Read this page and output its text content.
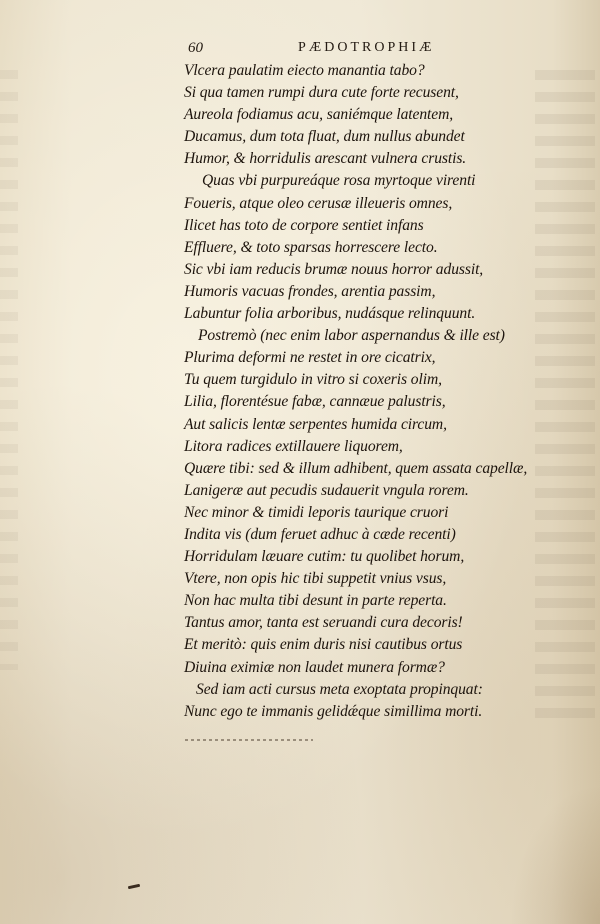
60	PÆDOTROPHIÆ
Vlcera paulatim eiecto manantia tabo?
Si qua tamen rumpi dura cute forte recusent,
Aureola fodiamus acu, saniémque latentem,
Ducamus, dum tota fluat, dum nullus abundet
Humor, & horridulis arescant vulnera crustis.
Quas vbi purpureáque rosa myrtoque virenti
Foueris, atque oleo cerusæ illeueris omnes,
Ilicet has toto de corpore sentiet infans
Effluere, & toto sparsas horrescere lecto.
Sic vbi iam reducis brumæ nouus horror adussit,
Humoris vacuas frondes, arentia passim,
Labuntur folia arboribus, nudásque relinquunt.
Postremò (nec enim labor aspernandus & ille est)
Plurima deformi ne restet in ore cicatrix,
Tu quem turgidulo in vitro si coxeris olim,
Lilia, florentésue fabæ, cannæue palustris,
Aut salicis lentæ serpentes humida circum,
Litora radices extillauere liquorem,
Quære tibi: sed & illum adhibent, quem assata capellæ,
Lanigeræ aut pecudis sudauerit vngula rorem.
Nec minor & timidi leporis taurique cruori
Indita vis (dum feruet adhuc à cæde recenti)
Horridulam læuare cutim: tu quolibet horum,
Vtere, non opis hic tibi suppetit vnius vsus,
Non hac multa tibi desunt in parte reperta.
Tantus amor, tanta est seruandi cura decoris!
Et meritò: quis enim duris nisi cautibus ortus
Diuina eximiæ non laudet munera formæ?
Sed iam acti cursus meta exoptata propinquat:
Nunc ego te immanis gelidǽque simillima morti.
